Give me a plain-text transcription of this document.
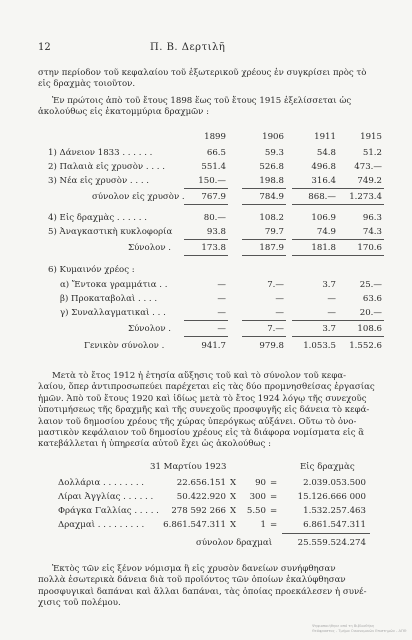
12	Π. Β. Δερτιλῆ
στην περίοδον τοῦ κεφαλαίου τοῦ ἐξωτερικοῦ χρέους ἐν συγκρίσει πρὸς τὸ
εἰς δραχμὰς τοιοῦτον.
Ἐν πρώτοις ἀπὸ τοῦ ἔτους 1898 ἕως τοῦ ἔτους 1915 ἐξελίσσεται ὡς
ἀκολούθως εἰς ἑκατομμύρια δραχμῶν :
1899	1906	1911	1915
1) Δάνειον 1833 . . . . . .	66.5	59.3	54.8	51.2
2) Παλαιὰ εἰς χρυσὸν . . . .	551.4	526.8	496.8	473.—
3) Νέα εἰς χρυσὸν . . . .	150.—	198.8	316.4	749.2
σύνολον εἰς χρυσὸν .	767.9	784.9	868.—	1.273.4
4) Εἰς δραχμὰς . . . . . .	80.—	108.2	106.9	96.3
5) Ἀναγκαστικὴ κυκλοφορία	93.8	79.7	74.9	74.3
Σύνολον .	173.8	187.9	181.8	170.6
6) Κυμαινόν χρέος :
α) Ἔντοκα γραμμάτια . .	—	7.—	3.7	25.—
β) Προκαταβολαὶ . . . .	—	—	—	63.6
γ) Συναλλαγματικαὶ . . .	—	—	—	20.—
Σύνολον .	—	7.—	3.7	108.6
Γενικὸν σύνολον .	941.7	979.8	1.053.5	1.552.6
Μετὰ τὸ ἔτος 1912 ἡ ἐτησία αὔξησις τοῦ καὶ τὸ σύνολον τοῦ κεφα-
λαίου, ὅπερ ἀντιπροσωπεύει παρέχεται εἰς τὰς δύο προμνησθείσας ἐργασίας
ἡμῶν. Ἀπὸ τοῦ ἔτους 1920 καὶ ἰδίως μετὰ τὸ ἔτος 1924 λόγῳ τῆς συνεχοῦς
ὑποτιμήσεως τῆς δραχμῆς καὶ τῆς συνεχοῦς προσφυγῆς εἰς δάνεια τὸ κεφά-
λαιον τοῦ δημοσίου χρέους τῆς χώρας ὑπερόγκως αὐξάνει. Οὕτω τὸ ὀνο-
μαστικὸν κεφάλαιον τοῦ δημοσίου χρέους εἰς τὰ διάφορα νομίσματα εἰς ἃ
κατεβάλλεται ἡ ὑπηρεσία αὐτοῦ ἔχει ὡς ἀκολούθως :
31 Μαρτίου 1923	Εἰς δραχμὰς
Δολλάρια . . . . . . . .	22.656.151 X	90 =	2.039.053.500
Λίραι Ἀγγλίας . . . . . .	50.422.920 X	300 =	15.126.666 000
Φράγκα Γαλλίας . . . . .	278 592 266 X	5.50 =	1.532.257.463
Δραχμαὶ . . . . . . . . .	6.861.547.311 X	1 =	6.861.547.311
σύνολον δραχμαὶ	25.559.524.274
Ἐκτὸς τῶν εἰς ξένον νόμισμα ἢ εἰς χρυσὸν δανείων συνήφθησαν
πολλὰ ἐσωτερικὰ δάνεια διὰ τοῦ προϊόντος τῶν ὁποίων ἐκαλύφθησαν
προσφυγικαὶ δαπάναι καὶ ἄλλαι δαπάναι, τὰς ὁποίας προεκάλεσεν ἡ συνέ-
χισις τοῦ πολέμου.
Ψηφιοποιήθηκε από τη Βιβλιοθήκη
Θεόφραστος - Τμήμα Οικονομικών Επιστημών - ΑΠΘ
